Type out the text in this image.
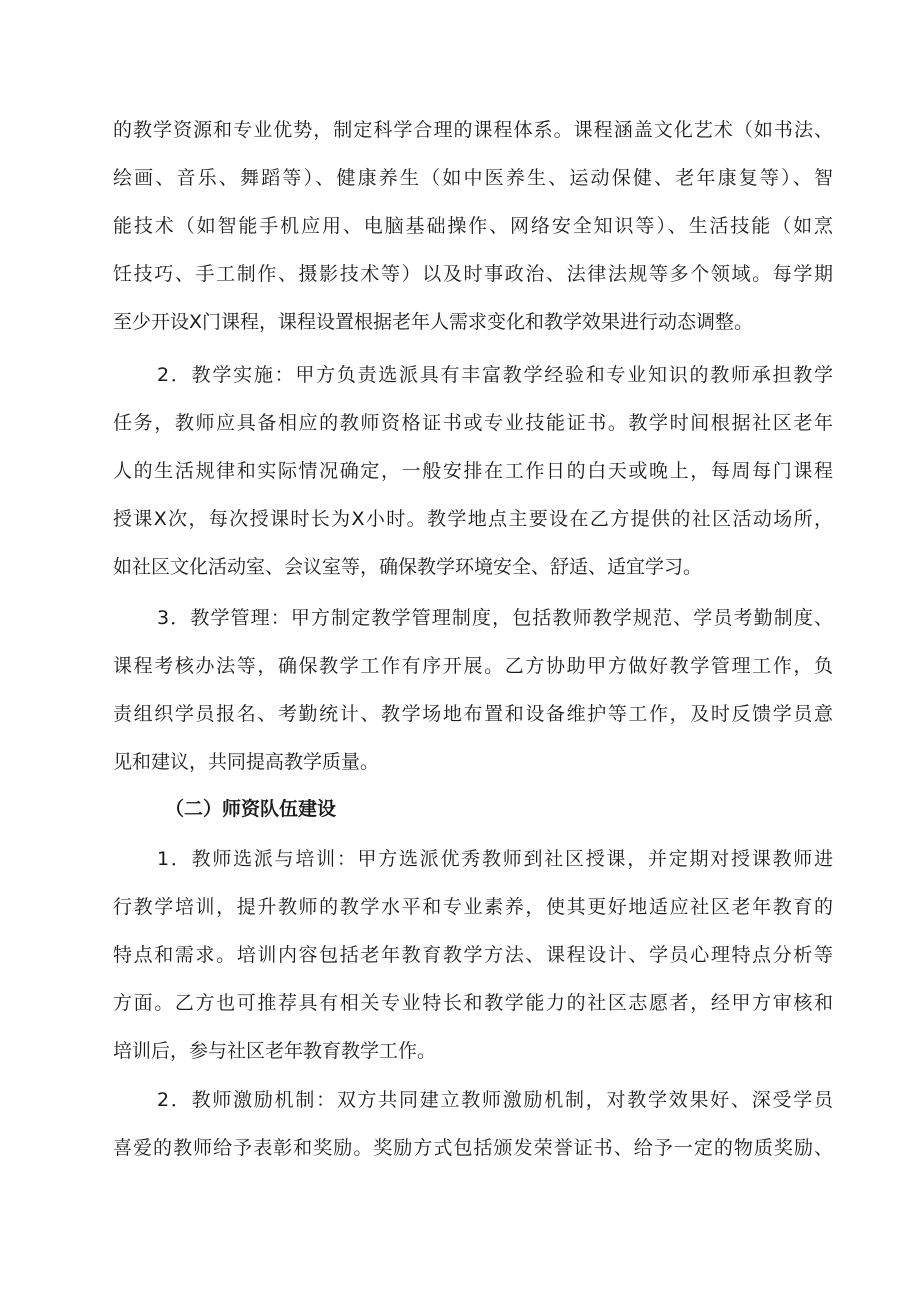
的教学资源和专业优势，制定科学合理的课程体系。课程涵盖文化艺术（如书法、
绘画、音乐、舞蹈等）、健康养生（如中医养生、运动保健、老年康复等）、智
能技术（如智能手机应用、电脑基础操作、网络安全知识等）、生活技能（如烹
饪技巧、手工制作、摄影技术等）以及时事政治、法律法规等多个领域。每学期
至少开设X门课程，课程设置根据老年人需求变化和教学效果进行动态调整。
2．教学实施：甲方负责选派具有丰富教学经验和专业知识的教师承担教学
任务，教师应具备相应的教师资格证书或专业技能证书。教学时间根据社区老年
人的生活规律和实际情况确定，一般安排在工作日的白天或晚上，每周每门课程
授课X次，每次授课时长为X小时。教学地点主要设在乙方提供的社区活动场所，
如社区文化活动室、会议室等，确保教学环境安全、舒适、适宜学习。
3．教学管理：甲方制定教学管理制度，包括教师教学规范、学员考勤制度、
课程考核办法等，确保教学工作有序开展。乙方协助甲方做好教学管理工作，负
责组织学员报名、考勤统计、教学场地布置和设备维护等工作，及时反馈学员意
见和建议，共同提高教学质量。
（二）师资队伍建设
1．教师选派与培训：甲方选派优秀教师到社区授课，并定期对授课教师进
行教学培训，提升教师的教学水平和专业素养，使其更好地适应社区老年教育的
特点和需求。培训内容包括老年教育教学方法、课程设计、学员心理特点分析等
方面。乙方也可推荐具有相关专业特长和教学能力的社区志愿者，经甲方审核和
培训后，参与社区老年教育教学工作。
2．教师激励机制：双方共同建立教师激励机制，对教学效果好、深受学员
喜爱的教师给予表彰和奖励。奖励方式包括颁发荣誉证书、给予一定的物质奖励、
